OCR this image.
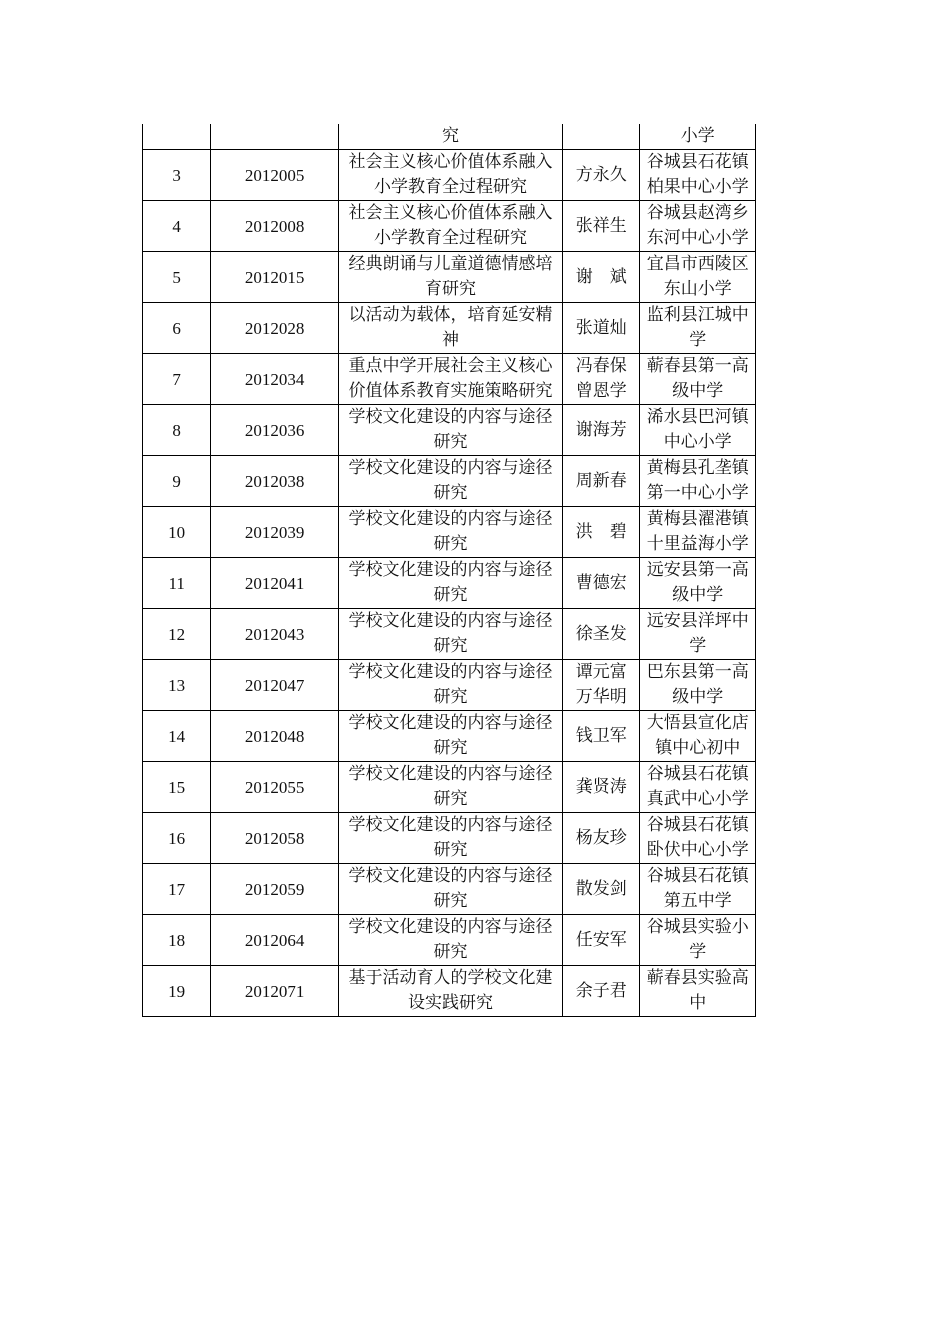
		究		小学
3	2012005	社会主义核心价值体系融入小学教育全过程研究	方永久	谷城县石花镇柏果中心小学
4	2012008	社会主义核心价值体系融入小学教育全过程研究	张祥生	谷城县赵湾乡东河中心小学
5	2012015	经典朗诵与儿童道德情感培育研究	谢　斌	宜昌市西陵区东山小学
6	2012028	以活动为载体，培育延安精神	张道灿	监利县江城中学
7	2012034	重点中学开展社会主义核心价值体系教育实施策略研究	冯春保 曾恩学	蕲春县第一高级中学
8	2012036	学校文化建设的内容与途径研究	谢海芳	浠水县巴河镇中心小学
9	2012038	学校文化建设的内容与途径研究	周新春	黄梅县孔垄镇第一中心小学
10	2012039	学校文化建设的内容与途径研究	洪　碧	黄梅县濯港镇十里益海小学
11	2012041	学校文化建设的内容与途径研究	曹德宏	远安县第一高级中学
12	2012043	学校文化建设的内容与途径研究	徐圣发	远安县洋坪中学
13	2012047	学校文化建设的内容与途径研究	谭元富 万华明	巴东县第一高级中学
14	2012048	学校文化建设的内容与途径研究	钱卫军	大悟县宣化店镇中心初中
15	2012055	学校文化建设的内容与途径研究	龚贤涛	谷城县石花镇真武中心小学
16	2012058	学校文化建设的内容与途径研究	杨友珍	谷城县石花镇卧伏中心小学
17	2012059	学校文化建设的内容与途径研究	散发剑	谷城县石花镇第五中学
18	2012064	学校文化建设的内容与途径研究	任安军	谷城县实验小学
19	2012071	基于活动育人的学校文化建设实践研究	余子君	蕲春县实验高中
